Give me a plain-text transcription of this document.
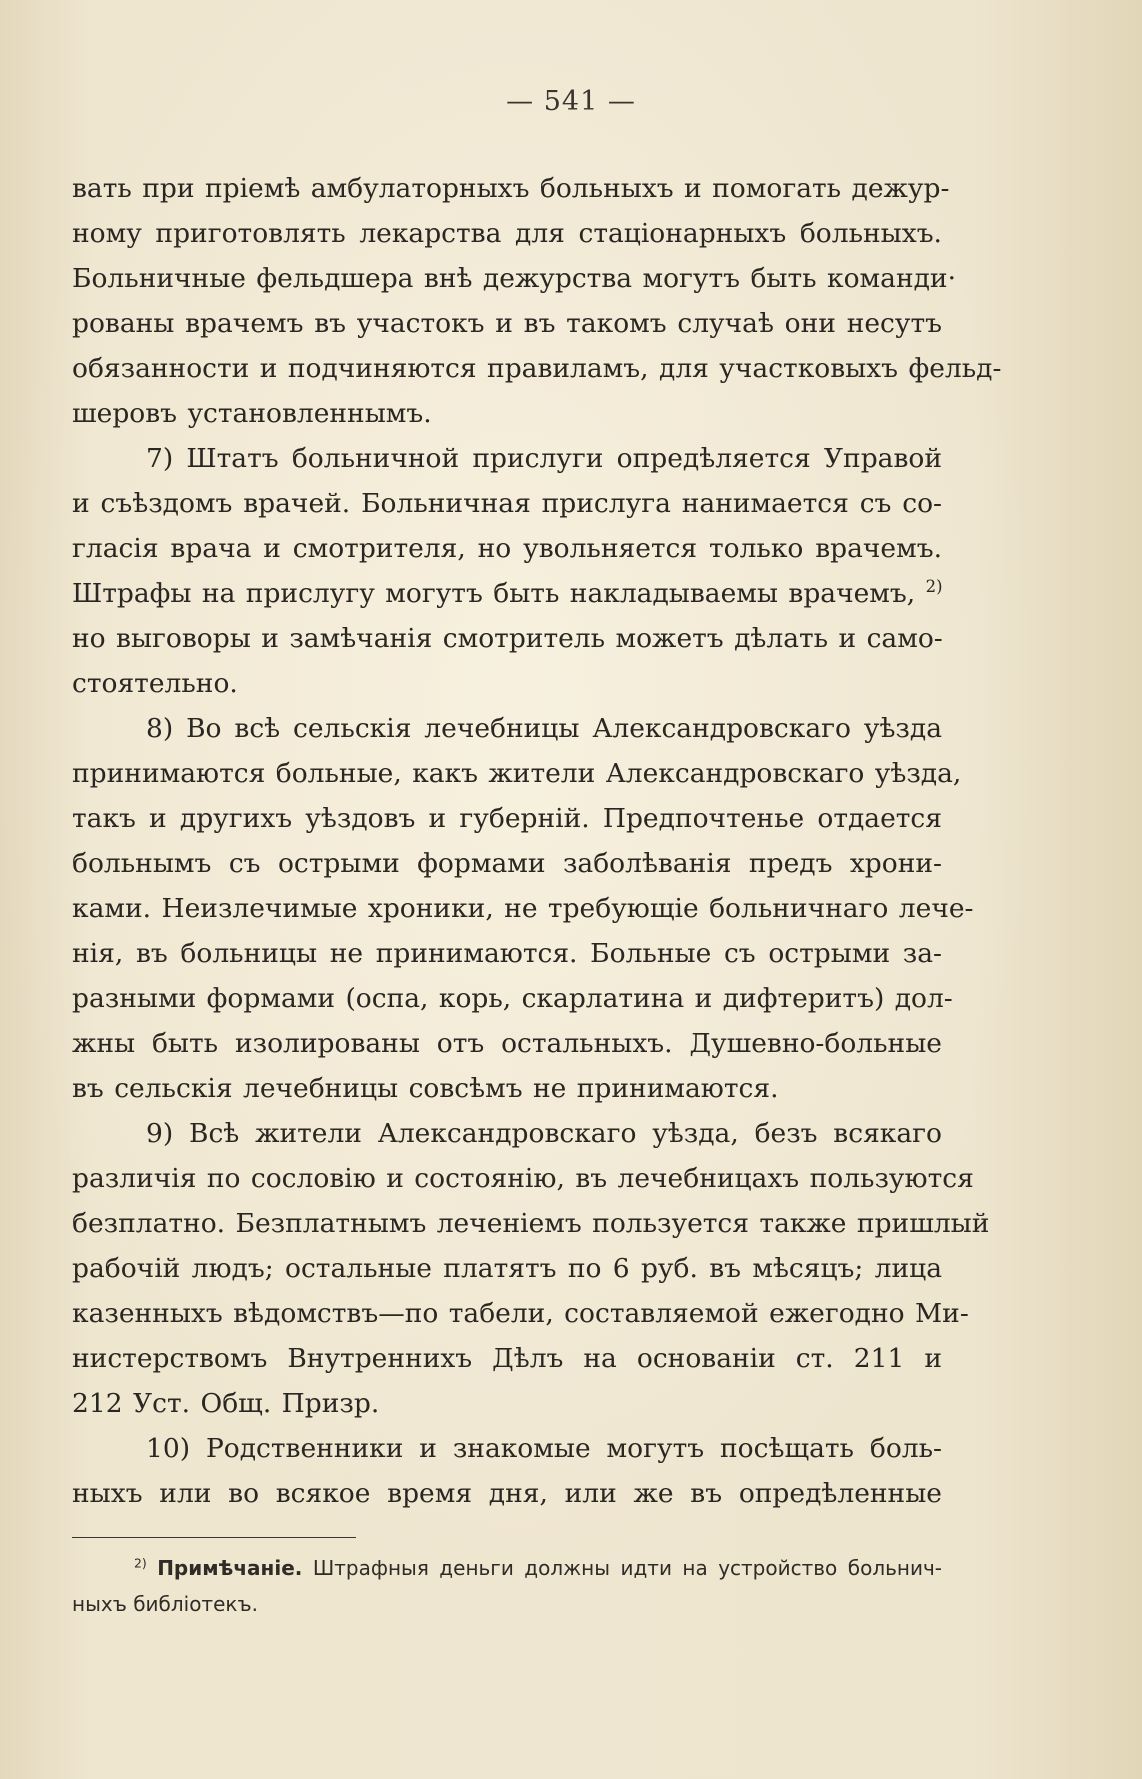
— 541 —
вать при пріемѣ амбулаторныхъ больныхъ и помогать дежур-
ному приготовлять лекарства для стаціонарныхъ больныхъ.
Больничные фельдшера внѣ дежурства могутъ быть команди·
рованы врачемъ въ участокъ и въ такомъ случаѣ они несутъ
обязанности и подчиняются правиламъ, для участковыхъ фельд-
шеровъ установленнымъ.
7) Штатъ больничной прислуги опредѣляется Управой
и съѣздомъ врачей. Больничная прислуга нанимается съ со-
гласія врача и смотрителя, но увольняется только врачемъ.
Штрафы на прислугу могутъ быть накладываемы врачемъ, $^{2)}$
но выговоры и замѣчанія смотритель можетъ дѣлать и само-
стоятельно.
8) Во всѣ сельскія лечебницы Александровскаго уѣзда
принимаются больные, какъ жители Александровскаго уѣзда,
такъ и другихъ уѣздовъ и губерній. Предпочтенье отдается
больнымъ съ острыми формами заболѣванія предъ хрони-
ками. Неизлечимые хроники, не требующіе больничнаго лече-
нія, въ больницы не принимаются. Больные съ острыми за-
разными формами (оспа, корь, скарлатина и дифтеритъ) дол-
жны быть изолированы отъ остальныхъ. Душевно-больные
въ сельскія лечебницы совсѣмъ не принимаются.
9) Всѣ жители Александровскаго уѣзда, безъ всякаго
различія по сословію и состоянію, въ лечебницахъ пользуются
безплатно. Безплатнымъ леченіемъ пользуется также пришлый
рабочій людъ; остальные платятъ по 6 руб. въ мѣсяцъ; лица
казенныхъ вѣдомствъ—по табели, составляемой ежегодно Ми-
нистерствомъ Внутреннихъ Дѣлъ на основаніи ст. 211 и
212 Уст. Общ. Призр.
10) Родственники и знакомые могутъ посѣщать боль-
ныхъ или во всякое время дня, или же въ опредѣленные
$^{2)}$ Примѣчаніе. Штрафныя деньги должны идти на устройство больнич-
ныхъ библіотекъ.
